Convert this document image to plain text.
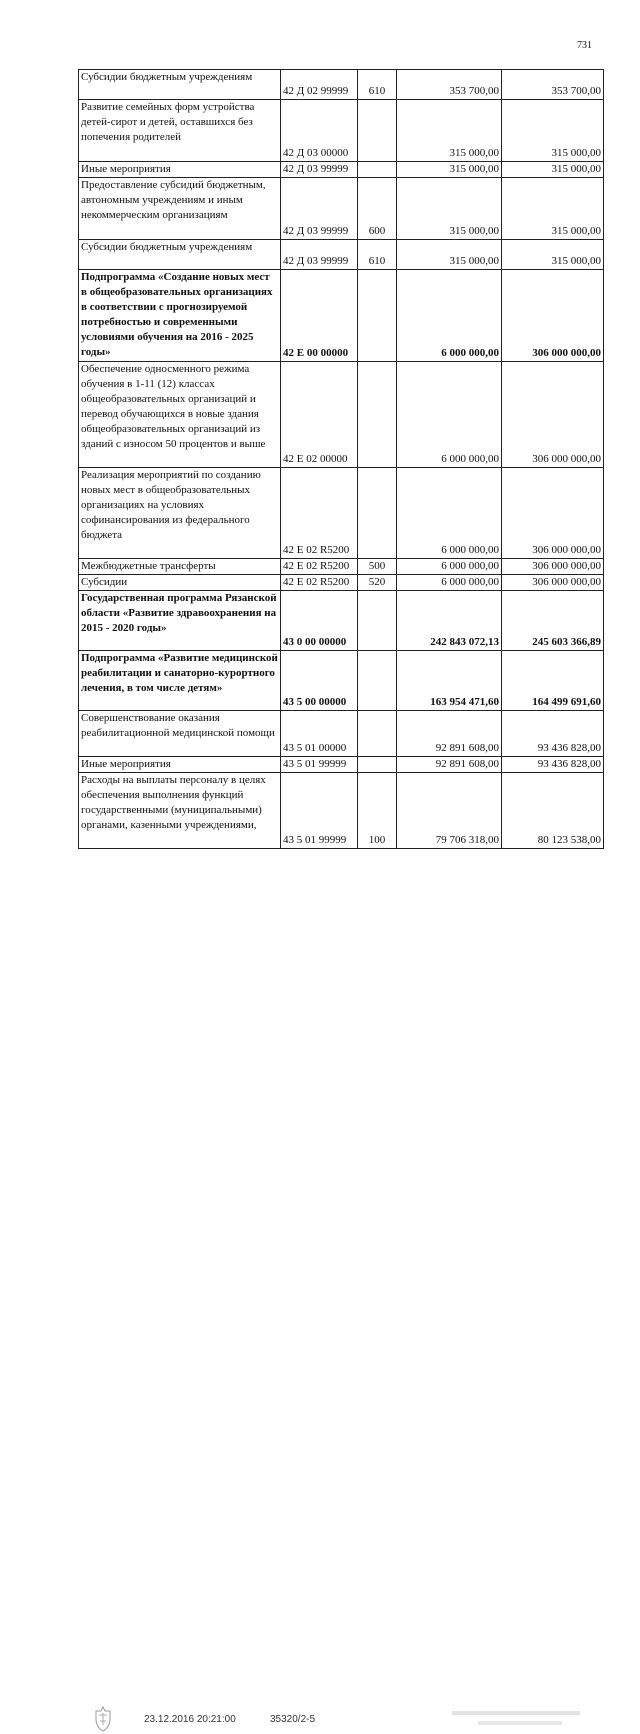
731
Субсидии бюджетным учреждениям	42 Д 02 99999	610	353 700,00	353 700,00
Развитие семейных форм устройства детей-сирот и детей, оставшихся без попечения родителей	42 Д 03 00000		315 000,00	315 000,00
Иные мероприятия	42 Д 03 99999		315 000,00	315 000,00
Предоставление субсидий бюджетным, автономным учреждениям и иным некоммерческим организациям	42 Д 03 99999	600	315 000,00	315 000,00
Субсидии бюджетным учреждениям	42 Д 03 99999	610	315 000,00	315 000,00
Подпрограмма «Создание новых мест в общеобразовательных организациях в соответствии с прогнозируемой потребностью и современными условиями обучения на 2016 - 2025 годы»	42 Е 00 00000		6 000 000,00	306 000 000,00
Обеспечение односменного режима обучения в 1-11 (12) классах общеобразовательных организаций и перевод обучающихся в новые здания общеобразовательных организаций из зданий с износом 50 процентов и выше	42 Е 02 00000		6 000 000,00	306 000 000,00
Реализация мероприятий по созданию новых мест в общеобразовательных организациях на условиях софинансирования из федерального бюджета	42 Е 02 R5200		6 000 000,00	306 000 000,00
Межбюджетные трансферты	42 Е 02 R5200	500	6 000 000,00	306 000 000,00
Субсидии	42 Е 02 R5200	520	6 000 000,00	306 000 000,00
Государственная программа Рязанской области «Развитие здравоохранения на 2015 - 2020 годы»	43 0 00 00000		242 843 072,13	245 603 366,89
Подпрограмма «Развитие медицинской реабилитации и санаторно-курортного лечения, в том числе детям»	43 5 00 00000		163 954 471,60	164 499 691,60
Совершенствование оказания реабилитационной медицинской помощи	43 5 01 00000		92 891 608,00	93 436 828,00
Иные мероприятия	43 5 01 99999		92 891 608,00	93 436 828,00
Расходы на выплаты персоналу в целях обеспечения выполнения функций государственными (муниципальными) органами, казенными учреждениями,	43 5 01 99999	100	79 706 318,00	80 123 538,00
23.12.2016 20:21:00	35320/2-5
